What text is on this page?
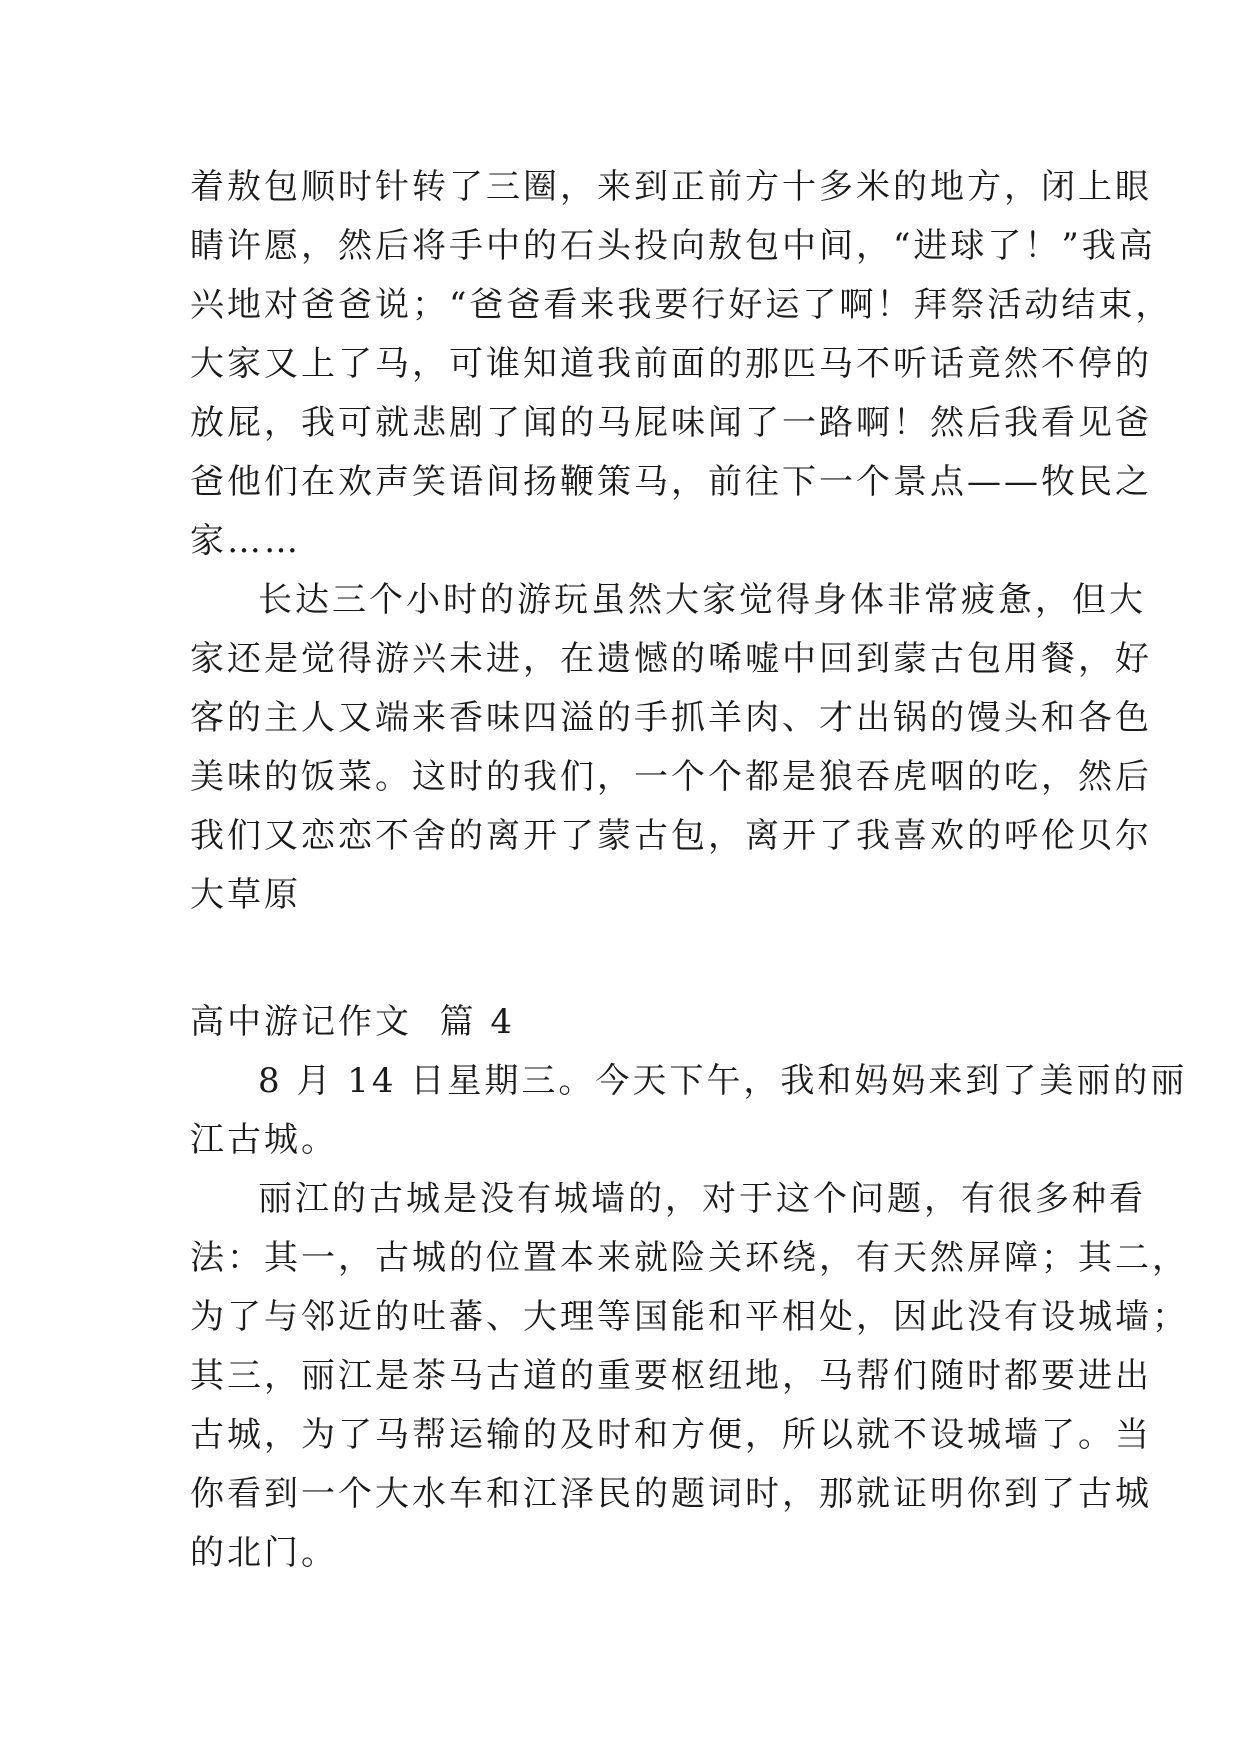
着敖包顺时针转了三圈，来到正前方十多米的地方，闭上眼
睛许愿，然后将手中的石头投向敖包中间，“进球了！”我高
兴地对爸爸说；“爸爸看来我要行好运了啊！拜祭活动结束，
大家又上了马，可谁知道我前面的那匹马不听话竟然不停的
放屁，我可就悲剧了闻的马屁味闻了一路啊！然后我看见爸
爸他们在欢声笑语间扬鞭策马，前往下一个景点——牧民之
家……
长达三个小时的游玩虽然大家觉得身体非常疲惫，但大
家还是觉得游兴未进，在遗憾的唏嘘中回到蒙古包用餐，好
客的主人又端来香味四溢的手抓羊肉、才出锅的馒头和各色
美味的饭菜。这时的我们，一个个都是狼吞虎咽的吃，然后
我们又恋恋不舍的离开了蒙古包，离开了我喜欢的呼伦贝尔
大草原
高中游记作文  篇 4
8 月 14 日星期三。今天下午，我和妈妈来到了美丽的丽
江古城。
丽江的古城是没有城墙的，对于这个问题，有很多种看
法：其一，古城的位置本来就险关环绕，有天然屏障；其二，
为了与邻近的吐蕃、大理等国能和平相处，因此没有设城墙；
其三，丽江是茶马古道的重要枢纽地，马帮们随时都要进出
古城，为了马帮运输的及时和方便，所以就不设城墙了。当
你看到一个大水车和江泽民的题词时，那就证明你到了古城
的北门。
